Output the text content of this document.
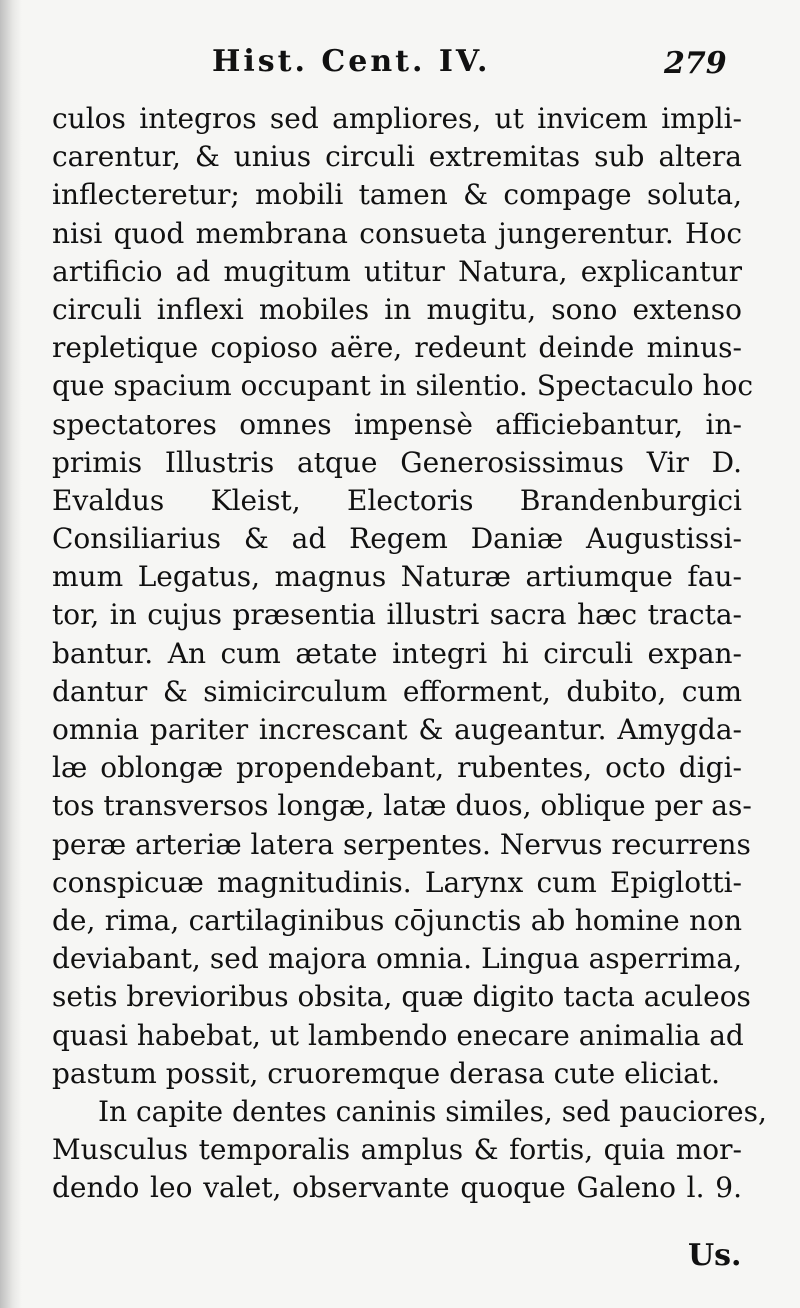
Hist. Cent. IV.	279
culos integros sed ampliores, ut invicem impli-
carentur, & unius circuli extremitas sub altera
inflecteretur; mobili tamen & compage soluta,
nisi quod membrana consueta jungerentur. Hoc
artificio ad mugitum utitur Natura, explicantur
circuli inflexi mobiles in mugitu, sono extenso
repletique copioso aëre, redeunt deinde minus-
que spacium occupant in silentio. Spectaculo hoc
spectatores omnes impensè afficiebantur, in-
primis Illustris atque Generosissimus Vir D.
Evaldus Kleist, Electoris Brandenburgici
Consiliarius & ad Regem Daniæ Augustissi-
mum Legatus, magnus Naturæ artiumque fau-
tor, in cujus præsentia illustri sacra hæc tracta-
bantur. An cum ætate integri hi circuli expan-
dantur & simicirculum efforment, dubito, cum
omnia pariter increscant & augeantur. Amygda-
læ oblongæ propendebant, rubentes, octo digi-
tos transversos longæ, latæ duos, oblique per as-
peræ arteriæ latera serpentes. Nervus recurrens
conspicuæ magnitudinis. Larynx cum Epiglotti-
de, rima, cartilaginibus cōjunctis ab homine non
deviabant, sed majora omnia. Lingua asperrima,
setis brevioribus obsita, quæ digito tacta aculeos
quasi habebat, ut lambendo enecare animalia ad
pastum possit, cruoremque derasa cute eliciat.
In capite dentes caninis similes, sed pauciores,
Musculus temporalis amplus & fortis, quia mor-
dendo leo valet, observante quoque Galeno l. 9.
Us.
